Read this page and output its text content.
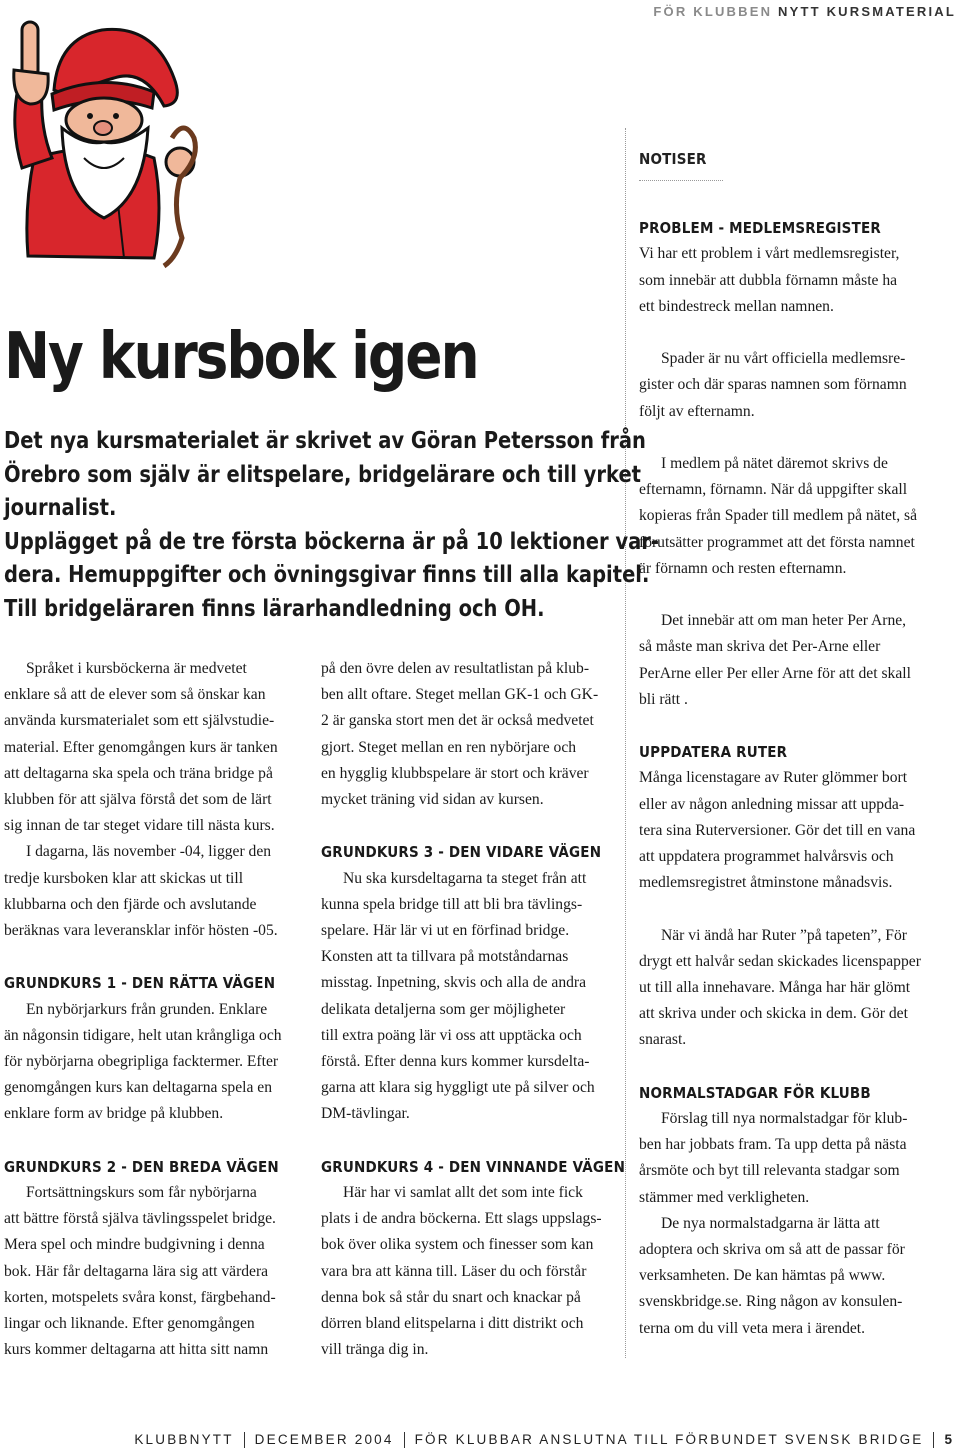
FÖR KLUBBEN NYTT KURSMATERIAL
Ny kursbok igen
Det nya kursmaterialet är skrivet av Göran Petersson från
Örebro som själv är elitspelare, bridgelärare och till yrket
journalist.
Upplägget på de tre första böckerna är på 10 lektioner var-
dera. Hemuppgifter och övningsgivar finns till alla kapitel.
Till bridgeläraren finns lärarhandledning och OH.
Språket i kursböckerna är medvetet
enklare så att de elever som så önskar kan
använda kursmaterialet som ett självstudie-
material. Efter genomgången kurs är tanken
att deltagarna ska spela och träna bridge på
klubben för att själva förstå det som de lärt
sig innan de tar steget vidare till nästa kurs.
I dagarna, läs november -04, ligger den
tredje kursboken klar att skickas ut till
klubbarna och den fjärde och avslutande
beräknas vara leveransklar inför hösten -05.
GRUNDKURS 1 - DEN RÄTTA VÄGEN
En nybörjarkurs från grunden. Enklare
än någonsin tidigare, helt utan krångliga och
för nybörjarna obegripliga facktermer. Efter
genomgången kurs kan deltagarna spela en
enklare form av bridge på klubben.
GRUNDKURS 2 - DEN BREDA VÄGEN
Fortsättningskurs som får nybörjarna
att bättre förstå själva tävlingsspelet bridge.
Mera spel och mindre budgivning i denna
bok. Här får deltagarna lära sig att värdera
korten, motspelets svåra konst, färgbehand-
lingar och liknande. Efter genomgången
kurs kommer deltagarna att hitta sitt namn
på den övre delen av resultatlistan på klub-
ben allt oftare. Steget mellan GK-1 och GK-
2 är ganska stort men det är också medvetet
gjort. Steget mellan en ren nybörjare och
en hygglig klubbspelare är stort och kräver
mycket träning vid sidan av kursen.
GRUNDKURS 3 - DEN VIDARE VÄGEN
Nu ska kursdeltagarna ta steget från att
kunna spela bridge till att bli bra tävlings-
spelare. Här lär vi ut en förfinad bridge.
Konsten att ta tillvara på motståndarnas
misstag. Inpetning, skvis och alla de andra
delikata detaljerna som ger möjligheter
till extra poäng lär vi oss att upptäcka och
förstå. Efter denna kurs kommer kursdelta-
garna att klara sig hyggligt ute på silver och
DM-tävlingar.
GRUNDKURS 4 - DEN VINNANDE VÄGEN
Här har vi samlat allt det som inte fick
plats i de andra böckerna. Ett slags uppslags-
bok över olika system och finesser som kan
vara bra att känna till. Läser du och förstår
denna bok så står du snart och knackar på
dörren bland elitspelarna i ditt distrikt och
vill tränga dig in.
NOTISER
PROBLEM - MEDLEMSREGISTER
Vi har ett problem i vårt medlemsregister,
som innebär att dubbla förnamn måste ha
ett bindestreck mellan namnen.
Spader är nu vårt officiella medlemsre-
gister och där sparas namnen som förnamn
följt av efternamn.
I medlem på nätet däremot skrivs de
efternamn, förnamn. När då uppgifter skall
kopieras från Spader till medlem på nätet, så
förutsätter programmet att det första namnet
är förnamn och resten efternamn.
Det innebär att om man heter Per Arne,
så måste man skriva det Per-Arne eller
PerArne eller Per eller Arne för att det skall
bli rätt .
UPPDATERA RUTER
Många licenstagare av Ruter glömmer bort
eller av någon anledning missar att uppda-
tera sina Ruterversioner. Gör det till en vana
att uppdatera programmet halvårsvis och
medlemsregistret åtminstone månadsvis.
När vi ändå har Ruter ”på tapeten”, För
drygt ett halvår sedan skickades licenspapper
ut till alla innehavare. Många har här glömt
att skriva under och skicka in dem. Gör det
snarast.
NORMALSTADGAR FÖR KLUBB
Förslag till nya normalstadgar för klub-
ben har jobbats fram. Ta upp detta på nästa
årsmöte och byt till relevanta stadgar som
stämmer med verkligheten.
De nya normalstadgarna är lätta att
adoptera och skriva om så att de passar för
verksamheten. De kan hämtas på www.
svenskbridge.se. Ring någon av konsulen-
terna om du vill veta mera i ärendet.
KLUBBNYTT DECEMBER 2004 FÖR KLUBBAR ANSLUTNA TILL FÖRBUNDET SVENSK BRIDGE 5
